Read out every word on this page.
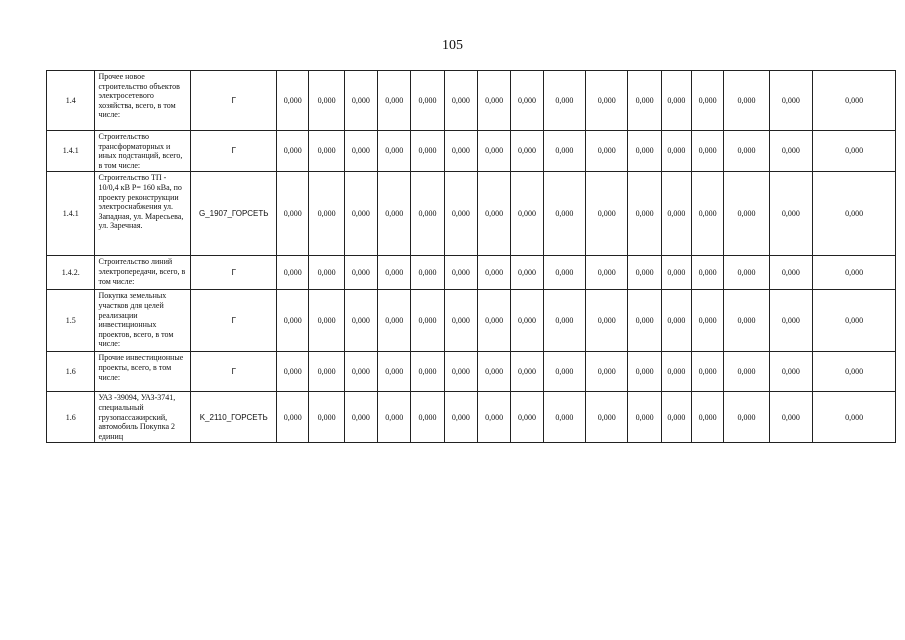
105
1.4	Прочее новое строительство объектов электросетевого хозяйства, всего, в том числе:	Г	0,000	0,000	0,000	0,000	0,000	0,000	0,000	0,000	0,000	0,000	0,000	0,000	0,000	0,000	0,000	0,000
1.4.1	Строительство трансформаторных и иных подстанций, всего, в том числе:	Г	0,000	0,000	0,000	0,000	0,000	0,000	0,000	0,000	0,000	0,000	0,000	0,000	0,000	0,000	0,000	0,000
1.4.1	Строительство ТП - 10/0,4 кВ Р= 160 кВа, по проекту реконструкции электроснабжения ул. Западная, ул. Маресьева, ул. Заречная.	G_1907_ГОРСЕТЬ	0,000	0,000	0,000	0,000	0,000	0,000	0,000	0,000	0,000	0,000	0,000	0,000	0,000	0,000	0,000	0,000
1.4.2.	Строительство линий электропередачи, всего, в том числе:	Г	0,000	0,000	0,000	0,000	0,000	0,000	0,000	0,000	0,000	0,000	0,000	0,000	0,000	0,000	0,000	0,000
1.5	Покупка земельных участков для целей реализации инвестиционных проектов, всего, в том числе:	Г	0,000	0,000	0,000	0,000	0,000	0,000	0,000	0,000	0,000	0,000	0,000	0,000	0,000	0,000	0,000	0,000
1.6	Прочие инвестиционные проекты, всего, в том числе:	Г	0,000	0,000	0,000	0,000	0,000	0,000	0,000	0,000	0,000	0,000	0,000	0,000	0,000	0,000	0,000	0,000
1.6	УАЗ -39094, УАЗ-3741, специальный грузопассажирский, автомобиль Покупка 2 единиц	K_2110_ГОРСЕТЬ	0,000	0,000	0,000	0,000	0,000	0,000	0,000	0,000	0,000	0,000	0,000	0,000	0,000	0,000	0,000	0,000
